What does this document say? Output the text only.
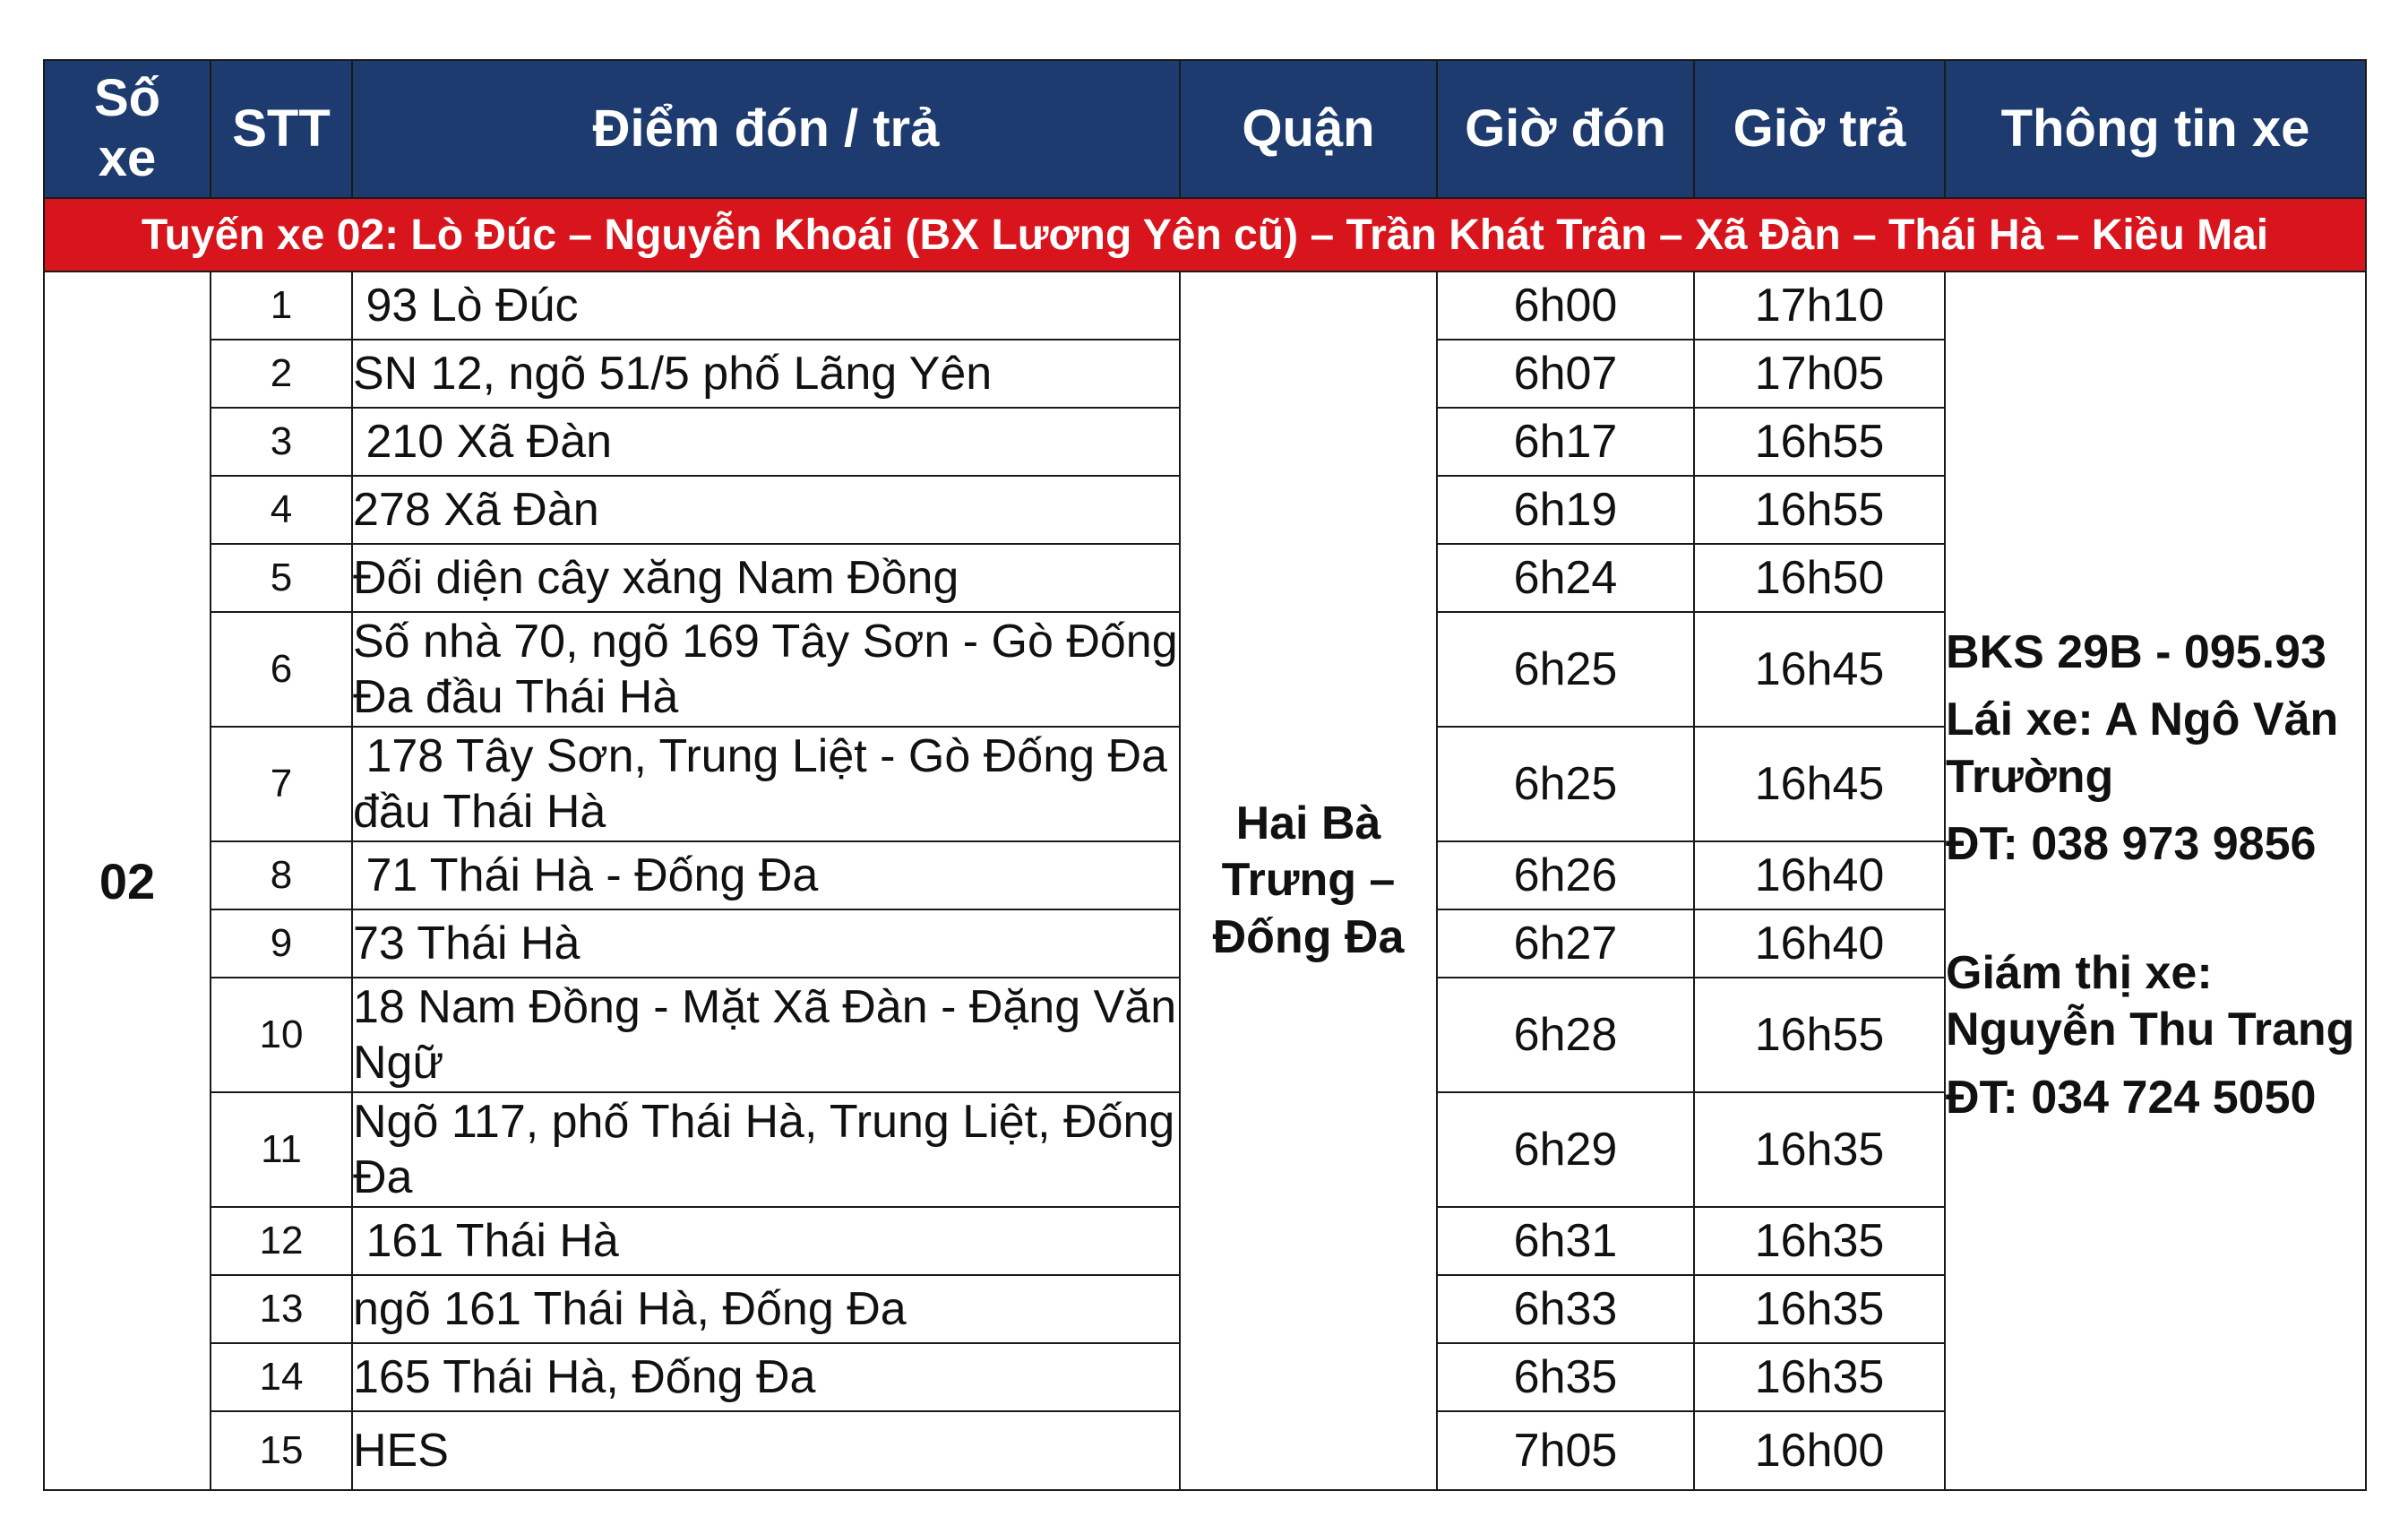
Số xe	STT	Điểm đón / trả	Quận	Giờ đón	Giờ trả	Thông tin xe
Tuyến xe 02: Lò Đúc – Nguyễn Khoái (BX Lương Yên cũ) – Trần Khát Trân – Xã Đàn – Thái Hà – Kiều Mai						
02	1	93 Lò Đúc	Hai Bà Trưng – Đống Đa	6h00	17h10	BKS 29B - 095.93

Lái xe: A Ngô Văn Trường

ĐT: 038 973 9856

Giám thị xe: Nguyễn Thu Trang

ĐT: 034 724 5050

	2	SN 12, ngõ 51/5 phố Lãng Yên		6h07	17h05	
	3	210 Xã Đàn		6h17	16h55	
	4	278 Xã Đàn		6h19	16h55	
	5	Đối diện cây xăng Nam Đồng		6h24	16h50	
	6	Số nhà 70, ngõ 169 Tây Sơn - Gò Đống Đa đầu Thái Hà		6h25	16h45	
	7	178 Tây Sơn, Trung Liệt - Gò Đống Đa đầu Thái Hà		6h25	16h45	
	8	71 Thái Hà - Đống Đa		6h26	16h40	
	9	73 Thái Hà		6h27	16h40	
	10	18 Nam Đồng - Mặt Xã Đàn - Đặng Văn Ngữ		6h28	16h55	
	11	Ngõ 117, phố Thái Hà, Trung Liệt, Đống Đa		6h29	16h35	
	12	161 Thái Hà		6h31	16h35	
	13	ngõ 161 Thái Hà, Đống Đa		6h33	16h35	
	14	165 Thái Hà, Đống Đa		6h35	16h35	
	15	HES		7h05	16h00	
